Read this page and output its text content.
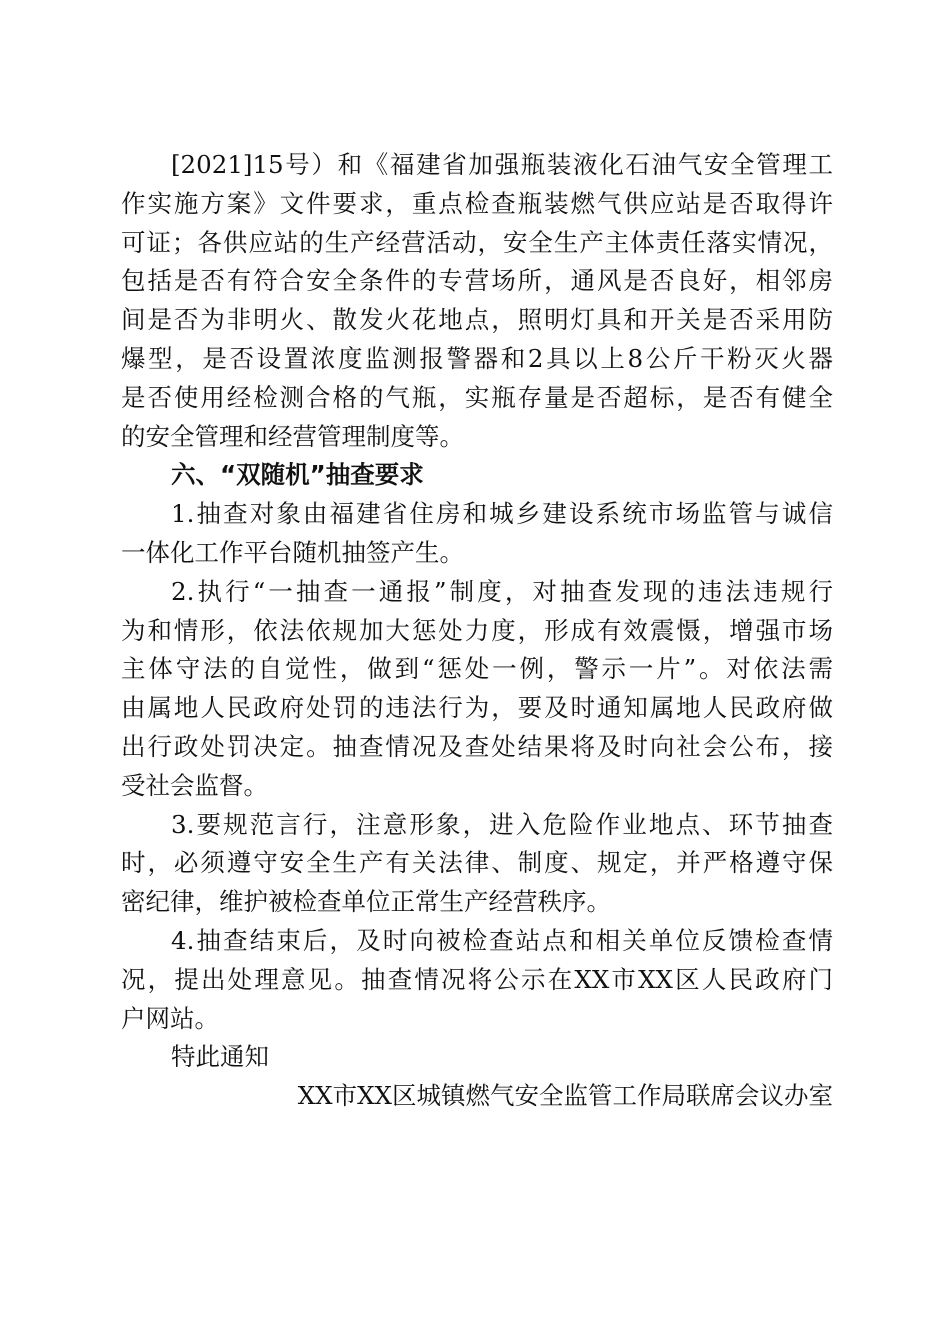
[2021]15号）和《福建省加强瓶装液化石油气安全管理工
作实施方案》文件要求，重点检查瓶装燃气供应站是否取得许
可证；各供应站的生产经营活动，安全生产主体责任落实情况，
包括是否有符合安全条件的专营场所，通风是否良好，相邻房
间是否为非明火、散发火花地点，照明灯具和开关是否采用防
爆型，是否设置浓度监测报警器和2具以上8公斤干粉灭火器
是否使用经检测合格的气瓶，实瓶存量是否超标，是否有健全
的安全管理和经营管理制度等。
六、“双随机”抽查要求
1.抽查对象由福建省住房和城乡建设系统市场监管与诚信
一体化工作平台随机抽签产生。
2.执行“一抽查一通报”制度，对抽查发现的违法违规行
为和情形，依法依规加大惩处力度，形成有效震慑，增强市场
主体守法的自觉性，做到“惩处一例，警示一片”。对依法需
由属地人民政府处罚的违法行为，要及时通知属地人民政府做
出行政处罚决定。抽查情况及查处结果将及时向社会公布，接
受社会监督。
3.要规范言行，注意形象，进入危险作业地点、环节抽查
时，必须遵守安全生产有关法律、制度、规定，并严格遵守保
密纪律，维护被检查单位正常生产经营秩序。
4.抽查结束后，及时向被检查站点和相关单位反馈检查情
况，提出处理意见。抽查情况将公示在XX市XX区人民政府门
户网站。
特此通知
XX市XX区城镇燃气安全监管工作局联席会议办室
